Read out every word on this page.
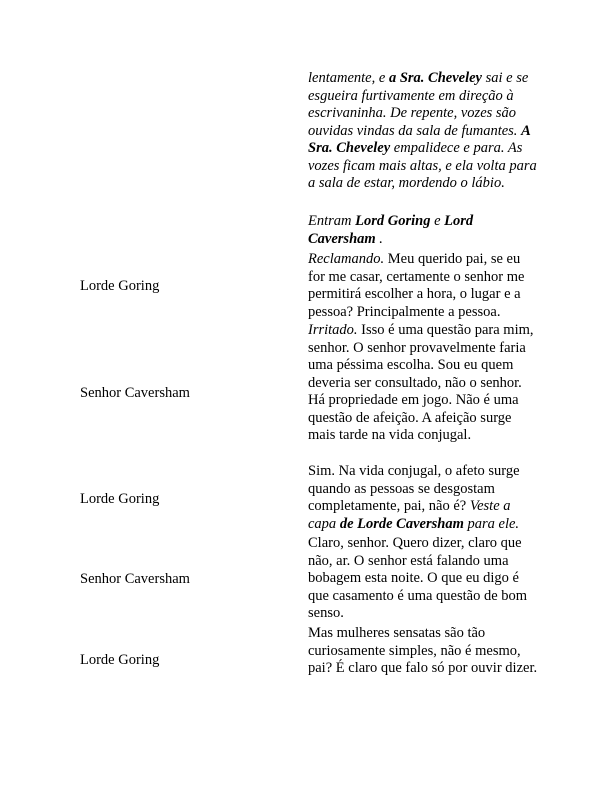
lentamente, e a Sra. Cheveley sai e se esgueira furtivamente em direção à escrivaninha. De repente, vozes são ouvidas vindas da sala de fumantes. A Sra. Cheveley empalidece e para. As vozes ficam mais altas, e ela volta para a sala de estar, mordendo o lábio.
Entram Lord Goring e Lord Caversham .
Lorde Goring
Reclamando. Meu querido pai, se eu for me casar, certamente o senhor me permitirá escolher a hora, o lugar e a pessoa? Principalmente a pessoa.
Senhor Caversham
Irritado. Isso é uma questão para mim, senhor. O senhor provavelmente faria uma péssima escolha. Sou eu quem deveria ser consultado, não o senhor. Há propriedade em jogo. Não é uma questão de afeição. A afeição surge mais tarde na vida conjugal.
Lorde Goring
Sim. Na vida conjugal, o afeto surge quando as pessoas se desgostam completamente, pai, não é? Veste a capa de Lorde Caversham para ele.
Senhor Caversham
Claro, senhor. Quero dizer, claro que não, ar. O senhor está falando uma bobagem esta noite. O que eu digo é que casamento é uma questão de bom senso.
Lorde Goring
Mas mulheres sensatas são tão curiosamente simples, não é mesmo, pai? É claro que falo só por ouvir dizer.
